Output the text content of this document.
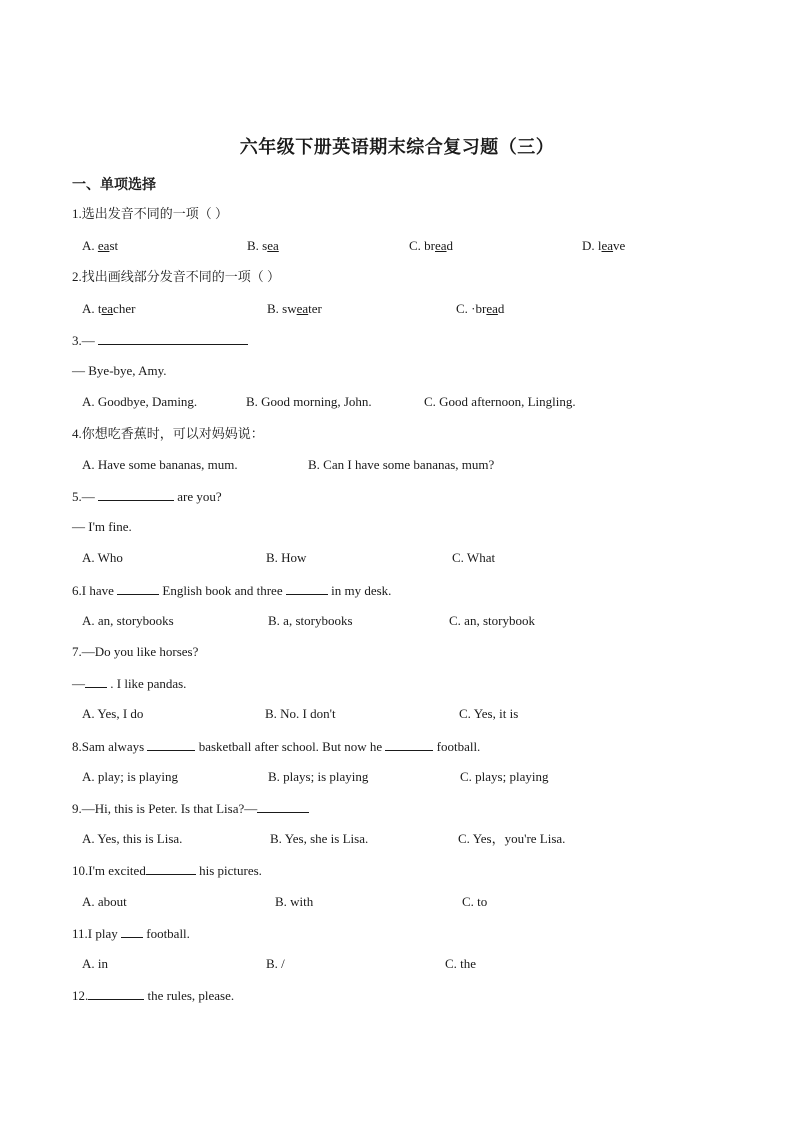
六年级下册英语期末综合复习题（三）
一、单项选择
1.选出发音不同的一项（ ）
A. east	B. sea	C. bread	D. leave
2.找出画线部分发音不同的一项（ ）
A. teacher	B. sweater	C. ·bread
3.—
— Bye-bye, Amy.
A. Goodbye, Daming.	B. Good morning, John.	C. Good afternoon, Lingling.
4.你想吃香蕉时，可以对妈妈说：
A. Have some bananas, mum.	B. Can I have some bananas, mum?
5.—	are you?
— I'm fine.
A. Who	B. How	C. What
6.I have	English book and three	in my desk.
A. an, storybooks	B. a, storybooks	C. an, storybook
7.—Do you like horses?
— . I like pandas.
A. Yes, I do	B. No. I don't	C. Yes, it is
8.Sam always	basketball after school. But now he	football.
A. play; is playing	B. plays; is playing	C. plays; playing
9.—Hi, this is Peter. Is that Lisa?—
A. Yes, this is Lisa.	B. Yes, she is Lisa.	C. Yes，you're Lisa.
10.I'm excited	his pictures.
A. about	B. with	C. to
11.I play  football.
A. in	B. /	C. the
12.	the rules, please.
